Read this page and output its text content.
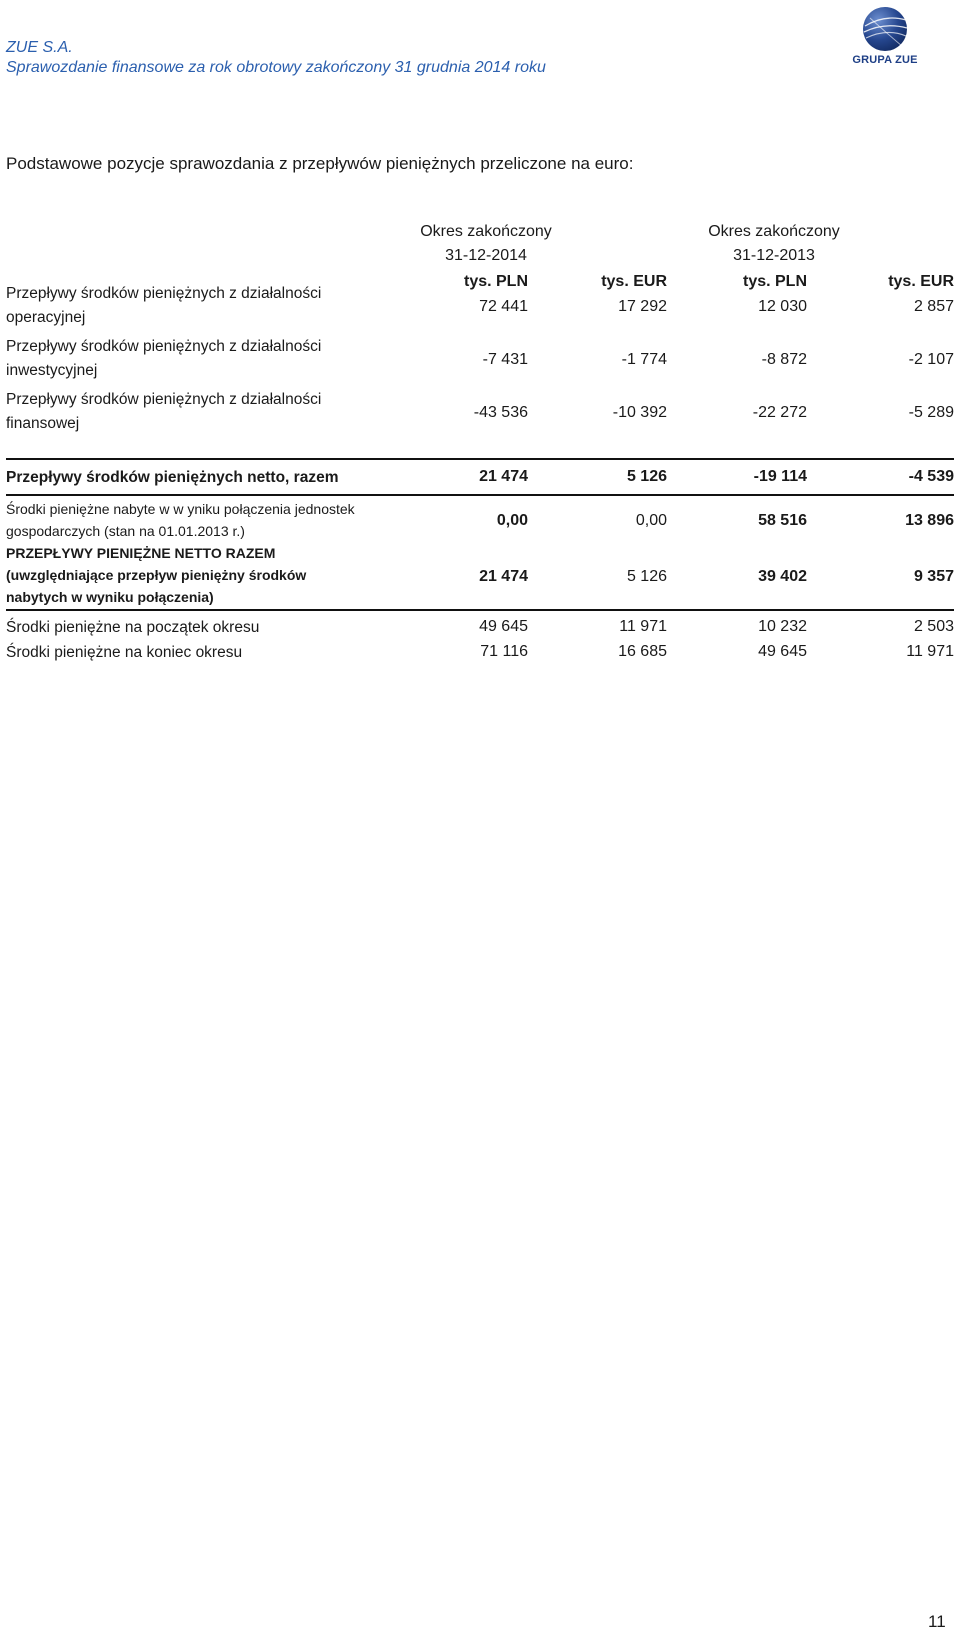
ZUE S.A.
Sprawozdanie finansowe za rok obrotowy zakończony 31 grudnia 2014 roku	GRUPA ZUE
Podstawowe pozycje sprawozdania z przepływów pieniężnych przeliczone na euro:
Okres zakończony
31-12-2014
Okres zakończony
31-12-2013
tys. PLN	tys. EUR	tys. PLN	tys. EUR
Przepływy środków pieniężnych z działalności
operacyjnej
72 441	17 292	12 030	2 857
Przepływy środków pieniężnych z działalności
inwestycyjnej
-7 431	-1 774	-8 872	-2 107
Przepływy środków pieniężnych z działalności
finansowej
-43 536	-10 392	-22 272	-5 289
Przepływy środków pieniężnych netto, razem	21 474	5 126	-19 114	-4 539
Środki pieniężne nabyte w w yniku połączenia jednostek
gospodarczych (stan na 01.01.2013 r.)
0,00	0,00	58 516	13 896
PRZEPŁYWY PIENIĘŻNE NETTO RAZEM
(uwzględniające przepływ pieniężny środków
nabytych w wyniku połączenia)
21 474	5 126	39 402	9 357
Środki pieniężne na początek okresu	49 645	11 971	10 232	2 503
Środki pieniężne na koniec okresu	71 116	16 685	49 645	11 971
11
